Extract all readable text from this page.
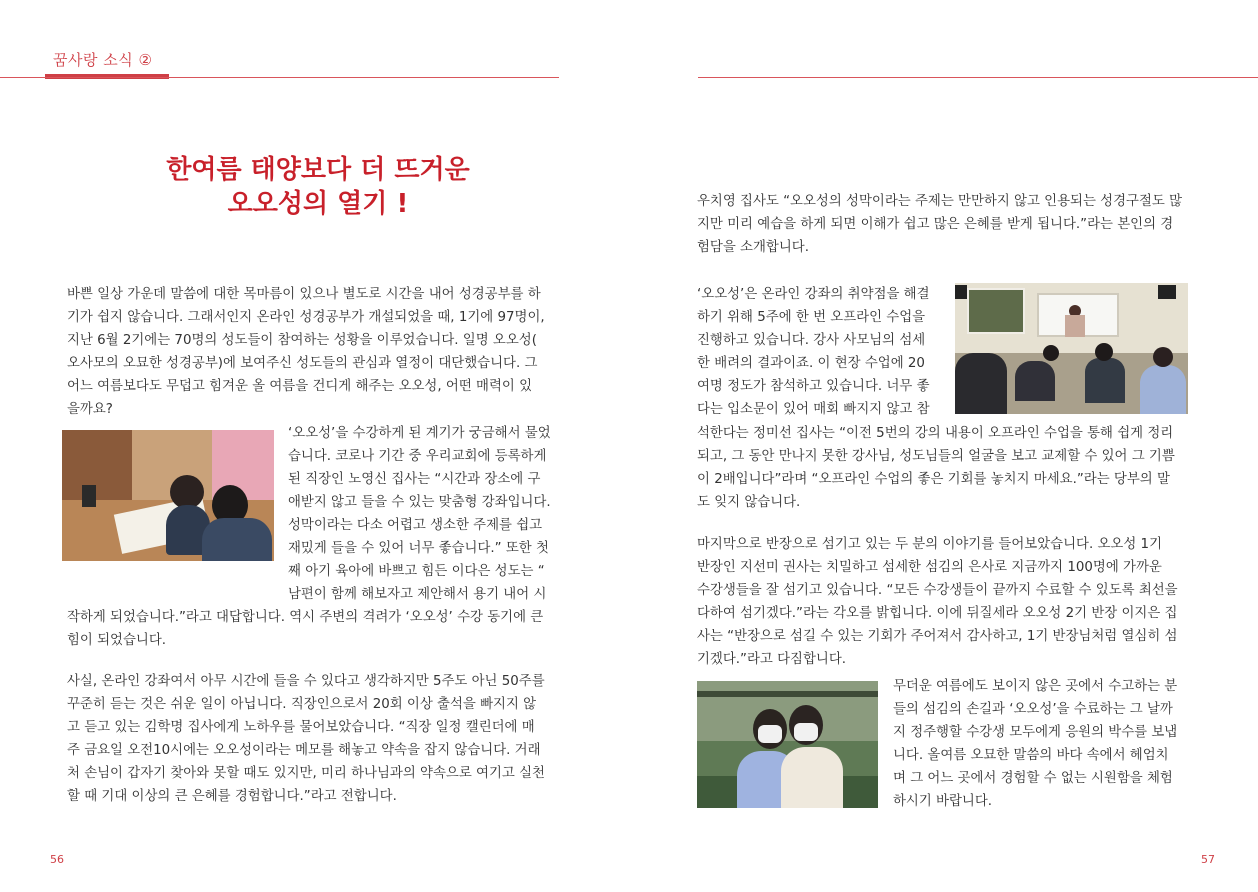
꿈사랑 소식 ②
한여름 태양보다 더 뜨거운
오오성의 열기 !
바쁜 일상 가운데 말씀에 대한 목마름이 있으나 별도로 시간을 내어 성경공부를 하
기가 쉽지 않습니다. 그래서인지 온라인 성경공부가 개설되었을 때, 1기에 97명이,
지난 6월 2기에는 70명의 성도들이 참여하는 성황을 이루었습니다. 일명 오오성(
오사모의 오묘한 성경공부)에 보여주신 성도들의 관심과 열정이 대단했습니다. 그
어느 여름보다도 무덥고 힘겨운 올 여름을 건디게 해주는 오오성, 어떤 매력이 있
을까요?
‘오오성’을 수강하게 된 계기가 궁금해서 물었
습니다. 코로나 기간 중 우리교회에 등록하게
된 직장인 노영신 집사는 “시간과 장소에 구
애받지 않고 들을 수 있는 맞춤형 강좌입니다.
성막이라는 다소 어렵고 생소한 주제를 쉽고
재밌게 들을 수 있어 너무 좋습니다.” 또한 첫
째 아기 육아에 바쁘고 힘든 이다은 성도는 “
남편이 함께 해보자고 제안해서 용기 내어 시
작하게 되었습니다.”라고 대답합니다. 역시 주변의 격려가 ‘오오성’ 수강 동기에 큰
힘이 되었습니다.
사실, 온라인 강좌여서 아무 시간에 들을 수 있다고 생각하지만 5주도 아닌 50주를
꾸준히 듣는 것은 쉬운 일이 아닙니다. 직장인으로서 20회 이상 출석을 빠지지 않
고 듣고 있는 김학명 집사에게 노하우를 물어보았습니다. “직장 일정 캘린더에 매
주 금요일 오전10시에는 오오성이라는 메모를 해놓고 약속을 잡지 않습니다. 거래
처 손님이 갑자기 찾아와 못할 때도 있지만, 미리 하나님과의 약속으로 여기고 실천
할 때 기대 이상의 큰 은혜를 경험합니다.”라고 전합니다.
56
우치영 집사도 “오오성의 성막이라는 주제는 만만하지 않고 인용되는 성경구절도 많
지만 미리 예습을 하게 되면 이해가 쉽고 많은 은혜를 받게 됩니다.”라는 본인의 경
험담을 소개합니다.
‘오오성’은 온라인 강좌의 취약점을 해결
하기 위해 5주에 한 번 오프라인 수업을
진행하고 있습니다. 강사 사모님의 섬세
한 배려의 결과이죠. 이 현장 수업에 20
여명 정도가 참석하고 있습니다. 너무 좋
다는 입소문이 있어 매회 빠지지 않고 참
석한다는 정미선 집사는 “이전 5번의 강의 내용이 오프라인 수업을 통해 쉽게 정리
되고, 그 동안 만나지 못한 강사님, 성도님들의 얼굴을 보고 교제할 수 있어 그 기쁨
이 2배입니다”라며 “오프라인 수업의 좋은 기회를 놓치지 마세요.”라는 당부의 말
도 잊지 않습니다.
마지막으로 반장으로 섬기고 있는 두 분의 이야기를 들어보았습니다. 오오성 1기
반장인 지선미 권사는 치밀하고 섬세한 섬김의 은사로 지금까지 100명에 가까운
수강생들을 잘 섬기고 있습니다. “모든 수강생들이 끝까지 수료할 수 있도록 최선을
다하여 섬기겠다.”라는 각오를 밝힙니다. 이에 뒤질세라 오오성 2기 반장 이지은 집
사는 “반장으로 섬길 수 있는 기회가 주어져서 감사하고, 1기 반장님처럼 열심히 섬
기겠다.”라고 다짐합니다.
무더운 여름에도 보이지 않은 곳에서 수고하는 분
들의 섬김의 손길과 ‘오오성’을 수료하는 그 날까
지 정주행할 수강생 모두에게 응원의 박수를 보냅
니다. 올여름 오묘한 말씀의 바다 속에서 헤엄치
며 그 어느 곳에서 경험할 수 없는 시원함을 체험
하시기 바랍니다.
57
